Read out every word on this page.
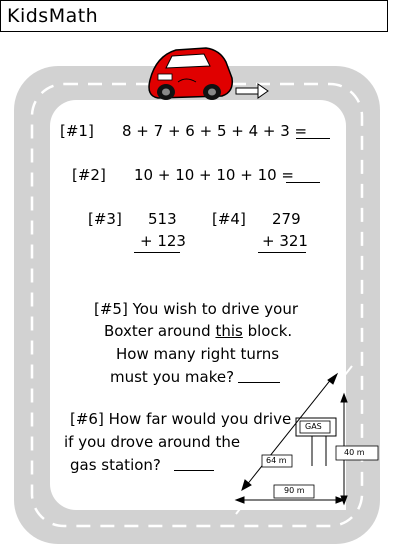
KidsMath
[#1] 8 + 7 + 6 + 5 + 4 + 3 =
[#2] 10 + 10 + 10 + 10 =
[#3] 513
+ 123
[#4] 279
+ 321
[#5] You wish to drive your
Boxter around this block.
How many right turns
must you make?
[#6] How far would you drive
if you drove around the
gas station?
GAS
64 m
40 m
90 m
